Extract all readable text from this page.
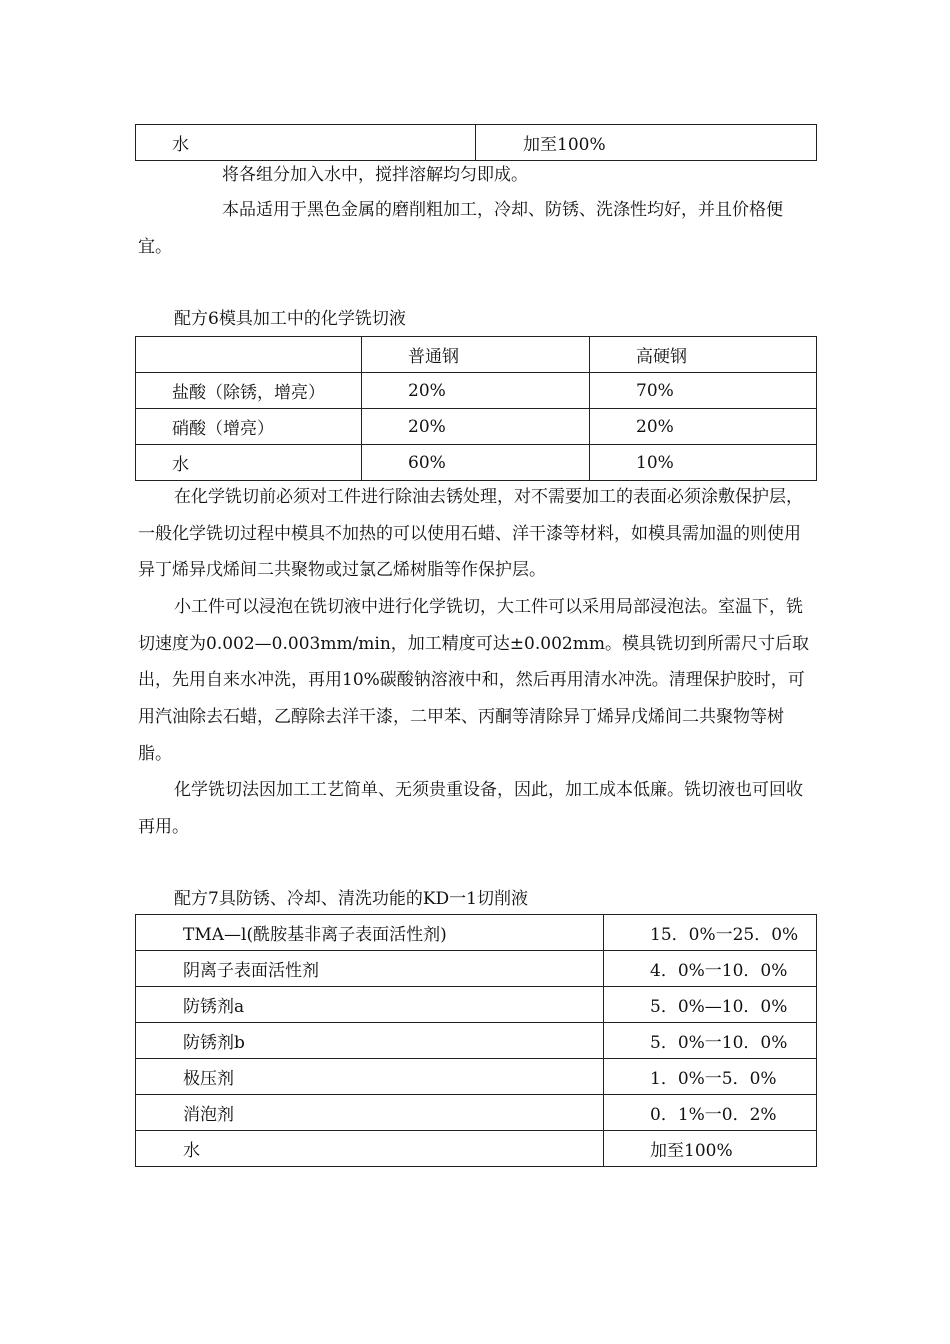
水	加至100%

将各组分加入水中，搅拌溶解均匀即成。

本品适用于黑色金属的磨削粗加工，冷却、防锈、洗涤性均好，并且价格便宜。

配方6模具加工中的化学铣切液

	普通钢	高硬钢

盐酸（除锈，增亮）	20%	70%

硝酸（增亮）	20%	20%

水	60%	10%

在化学铣切前必须对工件进行除油去锈处理，对不需要加工的表面必须涂敷保护层，一般化学铣切过程中模具不加热的可以使用石蜡、洋干漆等材料，如模具需加温的则使用异丁烯异戊烯间二共聚物或过氯乙烯树脂等作保护层。

小工件可以浸泡在铣切液中进行化学铣切，大工件可以采用局部浸泡法。室温下，铣切速度为0.002—0.003mm/min，加工精度可达±0.002mm。模具铣切到所需尺寸后取出，先用自来水冲洗，再用10%碳酸钠溶液中和，然后再用清水冲洗。清理保护胶时，可用汽油除去石蜡，乙醇除去洋干漆，二甲苯、丙酮等清除异丁烯异戊烯间二共聚物等树脂。

化学铣切法因加工工艺简单、无须贵重设备，因此，加工成本低廉。铣切液也可回收再用。

配方7具防锈、冷却、清洗功能的KD一1切削液

TMA—l(酰胺基非离子表面活性剂)	15．0%一25．0%

阴离子表面活性剂	4．0%一10．0%

防锈剂a	5．0%—10．0%

防锈剂b	5．0%一10．0%

极压剂	1．0%一5．0%

消泡剂	0．1%一0．2%

水	加至100%
